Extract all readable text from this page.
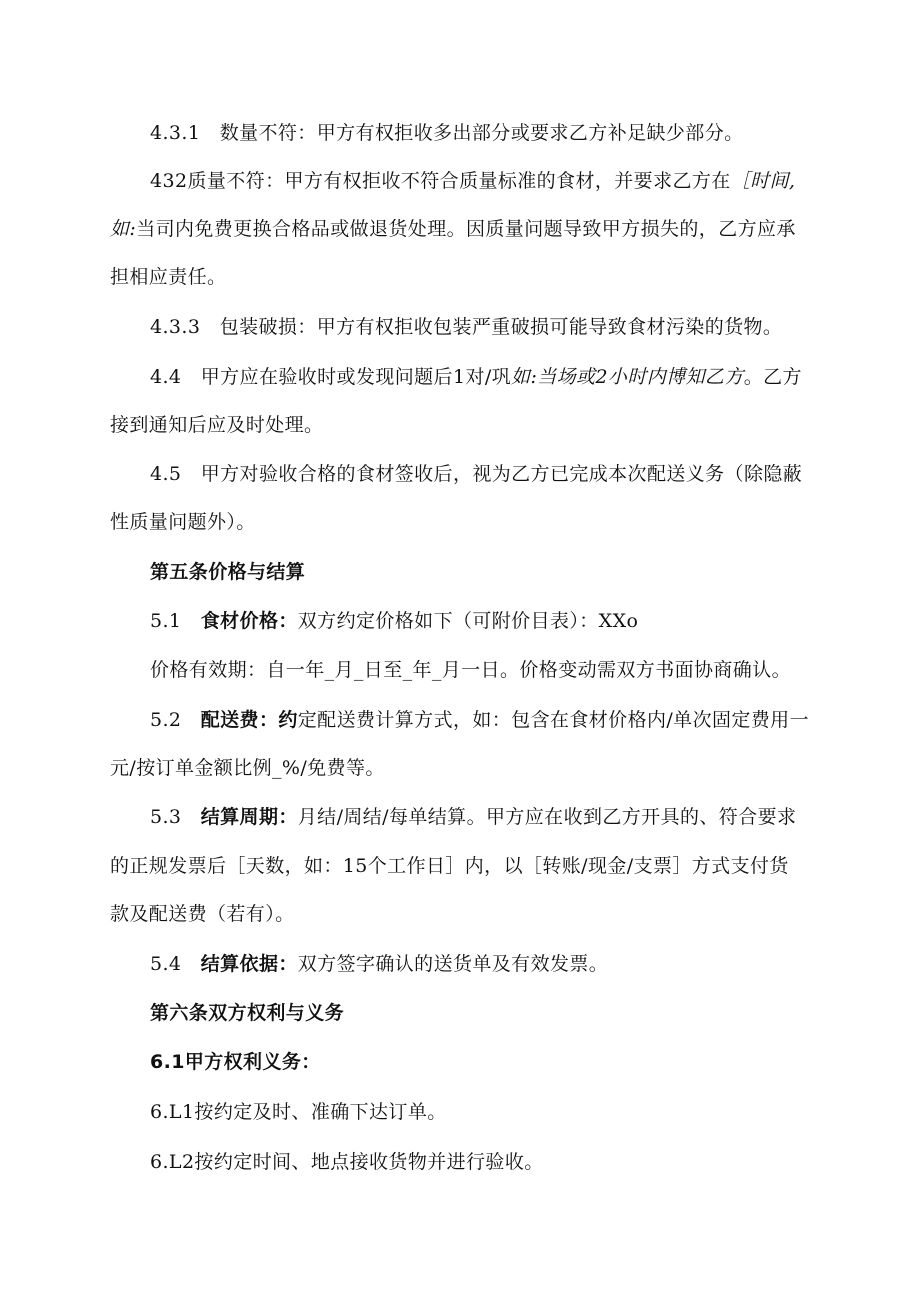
4.3.1 数量不符：甲方有权拒收多出部分或要求乙方补足缺少部分。
432质量不符：甲方有权拒收不符合质量标准的食材，并要求乙方在［时间,
如:当司内免费更换合格品或做退货处理。因质量问题导致甲方损失的，乙方应承
担相应责任。
4.3.3 包装破损：甲方有权拒收包装严重破损可能导致食材污染的货物。
4.4 甲方应在验收时或发现问题后1对/巩如:当场或2小时内博知乙方。乙方
接到通知后应及时处理。
4.5 甲方对验收合格的食材签收后，视为乙方已完成本次配送义务（除隐蔽
性质量问题外）。
第五条价格与结算
5.1 食材价格：双方约定价格如下（可附价目表）：XXo
价格有效期：自一年_月_日至_年_月一日。价格变动需双方书面协商确认。
5.2 配送费：约定配送费计算方式，如：包含在食材价格内/单次固定费用一
元/按订单金额比例_%/免费等。
5.3 结算周期：月结/周结/每单结算。甲方应在收到乙方开具的、符合要求
的正规发票后［天数，如：15个工作日］内，以［转账/现金/支票］方式支付货
款及配送费（若有）。
5.4 结算依据：双方签字确认的送货单及有效发票。
第六条双方权利与义务
6.1甲方权利义务：
6.L1按约定及时、准确下达订单。
6.L2按约定时间、地点接收货物并进行验收。
